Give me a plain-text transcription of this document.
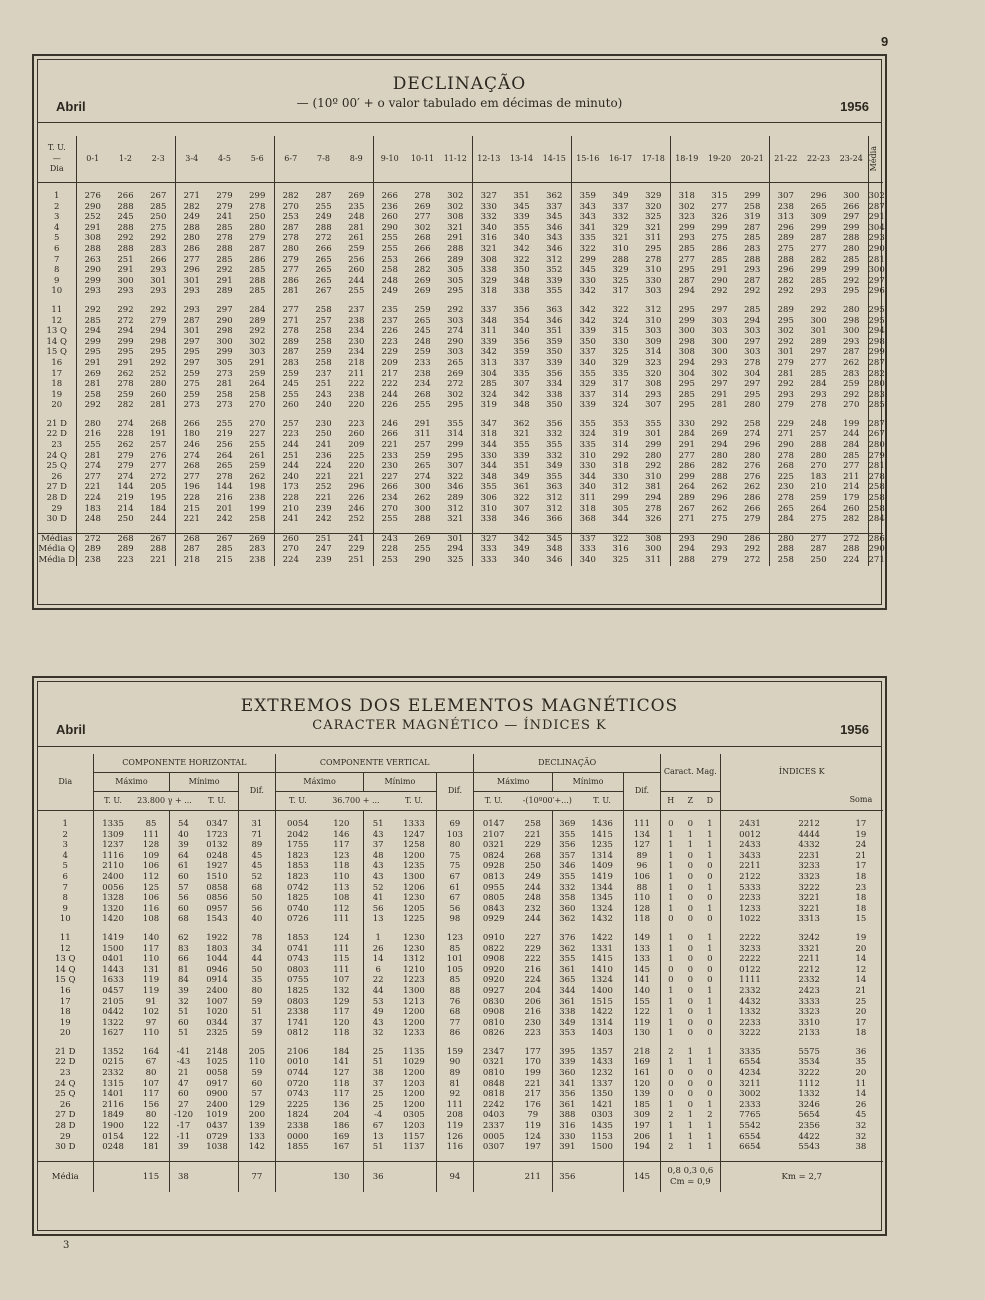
9
DECLINAÇÃO
— (10º 00′ + o valor tabulado em décimas de minuto)
Abril	1956
T. U.
—
Dia	0-1	1-2	2-3	3-4	4-5	5-6	6-7	7-8	8-9	9-10	10-11	11-12	12-13	13-14	14-15	15-16	16-17	17-18	18-19	19-20	20-21	21-22	22-23	23-24	Média

1	276	266	267	271	279	299	282	287	269	266	278	302	327	351	362	359	349	329	318	315	299	307	296	300	302
2	290	288	285	282	279	278	270	255	235	236	269	302	330	345	337	343	337	320	302	277	258	238	265	266	287
3	252	245	250	249	241	250	253	249	248	260	277	308	332	339	345	343	332	325	323	326	319	313	309	297	291
4	291	288	275	288	285	280	287	288	281	290	302	321	340	355	346	341	329	321	299	299	287	296	299	299	304
5	308	292	292	280	278	279	278	272	261	255	268	291	316	340	343	335	321	311	293	275	285	289	287	288	293
6	288	288	283	286	288	287	280	266	259	255	266	288	321	342	346	322	310	295	285	286	283	275	277	280	290
7	263	251	266	277	285	286	279	265	256	253	266	289	308	322	312	299	288	278	277	285	288	288	282	285	281
8	290	291	293	296	292	285	277	265	260	258	282	305	338	350	352	345	329	310	295	291	293	296	299	299	300
9	299	300	301	301	291	288	286	265	244	248	269	305	329	348	339	330	325	330	287	290	287	282	285	292	297
10	293	293	293	293	289	285	281	267	255	249	269	295	318	338	355	342	317	303	294	292	292	292	293	295	296

11	292	292	292	293	297	284	277	258	237	235	259	292	337	356	363	342	322	312	295	297	285	289	292	280	295
12	285	272	279	287	290	289	271	257	238	237	265	303	348	354	346	342	324	310	299	303	294	295	300	298	295
13 Q	294	294	294	301	298	292	278	258	234	226	245	274	311	340	351	339	315	303	300	303	303	302	301	300	294
14 Q	299	299	298	297	300	302	289	258	230	223	248	290	339	356	359	350	330	309	298	300	297	292	289	293	298
15 Q	295	295	295	295	299	303	287	259	234	229	259	303	342	359	350	337	325	314	308	300	303	301	297	287	299
16	291	291	292	297	305	291	283	258	218	209	233	265	313	337	339	340	329	323	294	293	278	279	277	262	287
17	269	262	252	259	273	259	259	237	211	217	238	269	304	335	356	355	335	320	304	302	304	281	285	283	282
18	281	278	280	275	281	264	245	251	222	222	234	272	285	307	334	329	317	308	295	297	297	292	284	259	280
19	258	259	260	259	258	258	255	243	238	244	268	302	324	342	338	337	314	293	285	291	295	293	293	292	283
20	292	282	281	273	273	270	260	240	220	226	255	295	319	348	350	339	324	307	295	281	280	279	278	270	285

21 D	280	274	268	266	255	270	257	230	223	246	291	355	347	362	356	355	353	355	330	292	258	229	248	199	287
22 D	216	228	191	180	219	227	223	250	260	266	311	314	318	321	332	324	319	301	284	269	274	271	257	244	267
23	255	262	257	246	256	255	244	241	209	221	257	299	344	355	355	335	314	299	291	294	296	290	288	284	280
24 Q	281	279	276	274	264	261	251	236	225	233	259	295	330	339	332	310	292	280	277	280	280	278	280	285	279
25 Q	274	279	277	268	265	259	244	224	220	230	265	307	344	351	349	330	318	292	286	282	276	268	270	277	281
26	277	274	272	277	278	262	240	221	221	227	274	322	348	349	355	344	330	310	299	288	276	225	183	211	278
27 D	221	144	205	196	144	198	173	252	296	266	300	346	355	361	363	340	312	381	264	262	262	230	210	214	258
28 D	224	219	195	228	216	238	228	221	226	234	262	289	306	322	312	311	299	294	289	296	286	278	259	179	258
29	183	214	184	215	201	199	210	239	246	270	300	312	310	307	312	318	305	278	267	262	266	265	264	260	258
30 D	248	250	244	221	242	258	241	242	252	255	288	321	338	346	366	368	344	326	271	275	279	284	275	282	284

Médias	272	268	267	268	267	269	260	251	241	243	269	301	327	342	345	337	322	308	293	290	286	280	277	272	286
Média Q	289	289	288	287	285	283	270	247	229	228	255	294	333	349	348	333	316	300	294	293	292	288	287	288	290
Média D	238	223	221	218	215	238	224	239	251	253	290	325	333	340	346	340	325	311	288	279	272	258	250	224	271
EXTREMOS DOS ELEMENTOS MAGNÉTICOS
CARACTER MAGNÉTICO — ÍNDICES K
Abril	1956
Dia	COMPONENTE HORIZONTAL					COMPONENTE VERTICAL					DECLINAÇÃO					Caract. Mag.			ÍNDICES K		
	Máximo		Mínimo		Dif.	Máximo		Mínimo		Dif.	Máximo		Mínimo		Dif.						
	T. U.	23.800 γ + ...		T. U.		T. U.	36.700 + ...		T. U.		T. U.	-(10º00′+...)		T. U.		H	Z	D			Soma

1	1335	85	54	0347	31	0054	120	51	1333	69	0147	258	369	1436	111	0	0	1	2431	2212	17
2	1309	111	40	1723	71	2042	146	43	1247	103	2107	221	355	1415	134	1	1	1	0012	4444	19
3	1237	128	39	0132	89	1755	117	37	1258	80	0321	229	356	1235	127	1	1	1	2433	4332	24
4	1116	109	64	0248	45	1823	123	48	1200	75	0824	268	357	1314	89	1	0	1	3433	2231	21
5	2110	106	61	1927	45	1853	118	43	1235	75	0928	250	346	1409	96	1	0	0	2211	3233	17
6	2400	112	60	1510	52	1823	110	43	1300	67	0813	249	355	1419	106	1	0	0	2122	3323	18
7	0056	125	57	0858	68	0742	113	52	1206	61	0955	244	332	1344	88	1	0	1	5333	3222	23
8	1328	106	56	0856	50	1825	108	41	1230	67	0805	248	358	1345	110	1	0	0	2233	3221	18
9	1320	116	60	0957	56	0740	112	56	1205	56	0843	232	360	1324	128	1	0	1	1233	3221	18
10	1420	108	68	1543	40	0726	111	13	1225	98	0929	244	362	1432	118	0	0	0	1022	3313	15

11	1419	140	62	1922	78	1853	124	1	1230	123	0910	227	376	1422	149	1	0	1	2222	3242	19
12	1500	117	83	1803	34	0741	111	26	1230	85	0822	229	362	1331	133	1	0	1	3233	3321	20
13 Q	0401	110	66	1044	44	0743	115	14	1312	101	0908	222	355	1415	133	1	0	0	2222	2211	14
14 Q	1443	131	81	0946	50	0803	111	6	1210	105	0920	216	361	1410	145	0	0	0	0122	2212	12
15 Q	1633	119	84	0914	35	0755	107	22	1223	85	0920	224	365	1324	141	0	0	0	1111	2332	14
16	0457	119	39	2400	80	1825	132	44	1300	88	0927	204	344	1400	140	1	0	1	2332	2423	21
17	2105	91	32	1007	59	0803	129	53	1213	76	0830	206	361	1515	155	1	0	1	4432	3333	25
18	0442	102	51	1020	51	2338	117	49	1200	68	0908	216	338	1422	122	1	0	1	1332	3323	20
19	1322	97	60	0344	37	1741	120	43	1200	77	0810	230	349	1314	119	1	0	0	2233	3310	17
20	1627	110	51	2325	59	0812	118	32	1233	86	0826	223	353	1403	130	1	0	0	3222	2133	18

21 D	1352	164	-41	2148	205	2106	184	25	1135	159	2347	177	395	1357	218	2	1	1	3335	5575	36
22 D	0215	67	-43	1025	110	0010	141	51	1029	90	0321	170	339	1433	169	1	1	1	6554	3534	35
23	2332	80	21	0058	59	0744	127	38	1200	89	0810	199	360	1232	161	0	0	0	4234	3222	20
24 Q	1315	107	47	0917	60	0720	118	37	1203	81	0848	221	341	1337	120	0	0	0	3211	1112	11
25 Q	1401	117	60	0900	57	0743	117	25	1200	92	0818	217	356	1350	139	0	0	0	3002	1332	14
26	2116	156	27	2400	129	2225	136	25	1200	111	2242	176	361	1421	185	1	0	1	2333	3246	26
27 D	1849	80	-120	1019	200	1824	204	-4	0305	208	0403	79	388	0303	309	2	1	2	7765	5654	45
28 D	1900	122	-17	0437	139	2338	186	67	1203	119	2337	119	316	1435	197	1	1	1	5542	2356	32
29	0154	122	-11	0729	133	0000	169	13	1157	126	0005	124	330	1153	206	1	1	1	6554	4422	32
30 D	0248	181	39	1038	142	1855	167	51	1137	116	0307	197	391	1500	194	2	1	1	6654	5543	38

Média		115	38		77		130	36		94		211	356		145	0,8 0,3 0,6
Cm = 0,9			Km = 2,7		
3
